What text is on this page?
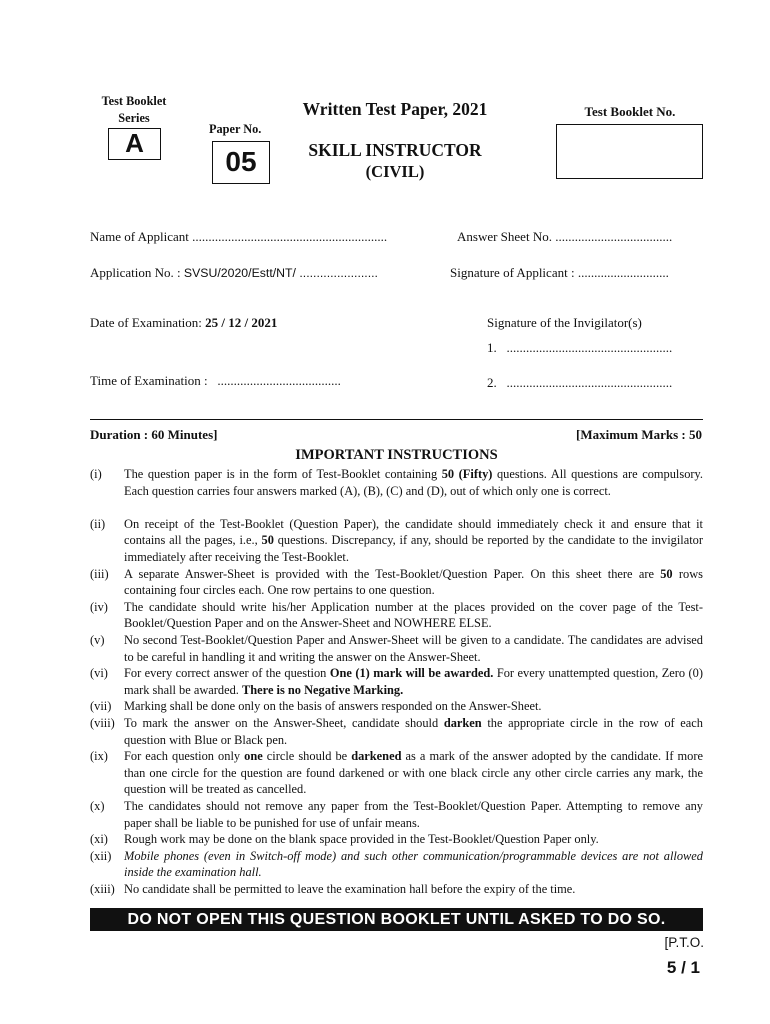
Test Booklet
Series
A	Paper No.
05
Written Test Paper, 2021
SKILL INSTRUCTOR
(CIVIL)
Test Booklet No.
Name of Applicant ............................................................	Answer Sheet No. ....................................
Application No. : SVSU/2020/Estt/NT/ .......................	Signature of Applicant : ............................
Date of Examination: 25 / 12 / 2021	Signature of the Invigilator(s)
1. ...................................................
Time of Examination : ......................................	2. ...................................................
Duration : 60 Minutes]	[Maximum Marks : 50
IMPORTANT INSTRUCTIONS
(i) The question paper is in the form of Test-Booklet containing 50 (Fifty) questions. All questions are compulsory. Each question carries four answers marked (A), (B), (C) and (D), out of which only one is correct.
(ii) On receipt of the Test-Booklet (Question Paper), the candidate should immediately check it and ensure that it contains all the pages, i.e., 50 questions. Discrepancy, if any, should be reported by the candidate to the invigilator immediately after receiving the Test-Booklet.
(iii) A separate Answer-Sheet is provided with the Test-Booklet/Question Paper. On this sheet there are 50 rows containing four circles each. One row pertains to one question.
(iv) The candidate should write his/her Application number at the places provided on the cover page of the Test-Booklet/Question Paper and on the Answer-Sheet and NOWHERE ELSE.
(v) No second Test-Booklet/Question Paper and Answer-Sheet will be given to a candidate. The candidates are advised to be careful in handling it and writing the answer on the Answer-Sheet.
(vi) For every correct answer of the question One (1) mark will be awarded. For every unattempted question, Zero (0) mark shall be awarded. There is no Negative Marking.
(vii) Marking shall be done only on the basis of answers responded on the Answer-Sheet.
(viii) To mark the answer on the Answer-Sheet, candidate should darken the appropriate circle in the row of each question with Blue or Black pen.
(ix) For each question only one circle should be darkened as a mark of the answer adopted by the candidate. If more than one circle for the question are found darkened or with one black circle any other circle carries any mark, the question will be treated as cancelled.
(x) The candidates should not remove any paper from the Test-Booklet/Question Paper. Attempting to remove any paper shall be liable to be punished for use of unfair means.
(xi) Rough work may be done on the blank space provided in the Test-Booklet/Question Paper only.
(xii) Mobile phones (even in Switch-off mode) and such other communication/programmable devices are not allowed inside the examination hall.
(xiii) No candidate shall be permitted to leave the examination hall before the expiry of the time.
DO NOT OPEN THIS QUESTION BOOKLET UNTIL ASKED TO DO SO.
[P.T.O.
5 / 1
